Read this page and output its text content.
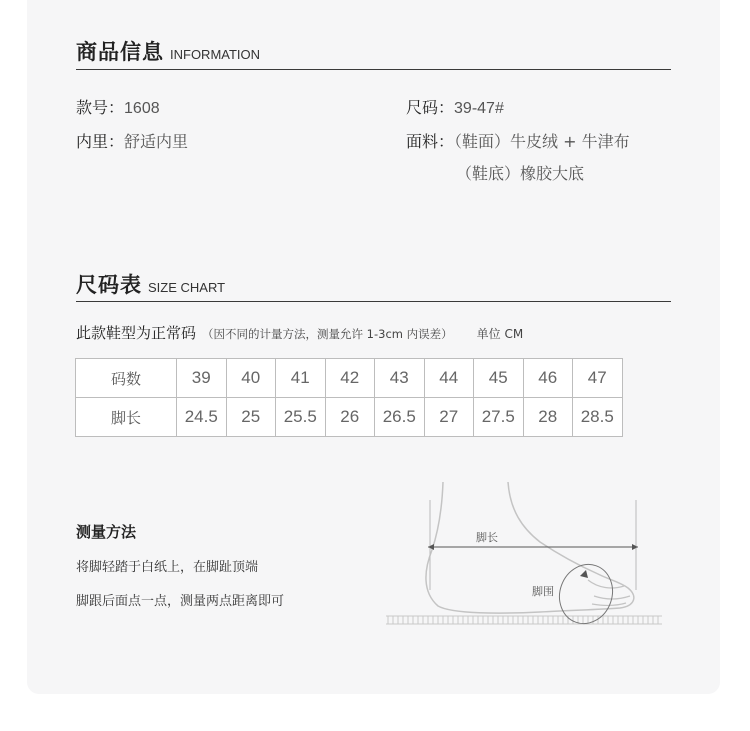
商品信息 INFORMATION
款号：1608	尺码：39-47#
内里：舒适内里	面料：（鞋面）牛皮绒 + 牛津布
（鞋底）橡胶大底
尺码表 SIZE CHART
此款鞋型为正常码 （因不同的计量方法，测量允许 1-3cm 内误差） 单位 CM
码数	39	40	41	42	43	44	45	46	47
脚长	24.5	25	25.5	26	26.5	27	27.5	28	28.5
测量方法
将脚轻踏于白纸上，在脚趾顶端
脚跟后面点一点，测量两点距离即可
脚长
脚围
